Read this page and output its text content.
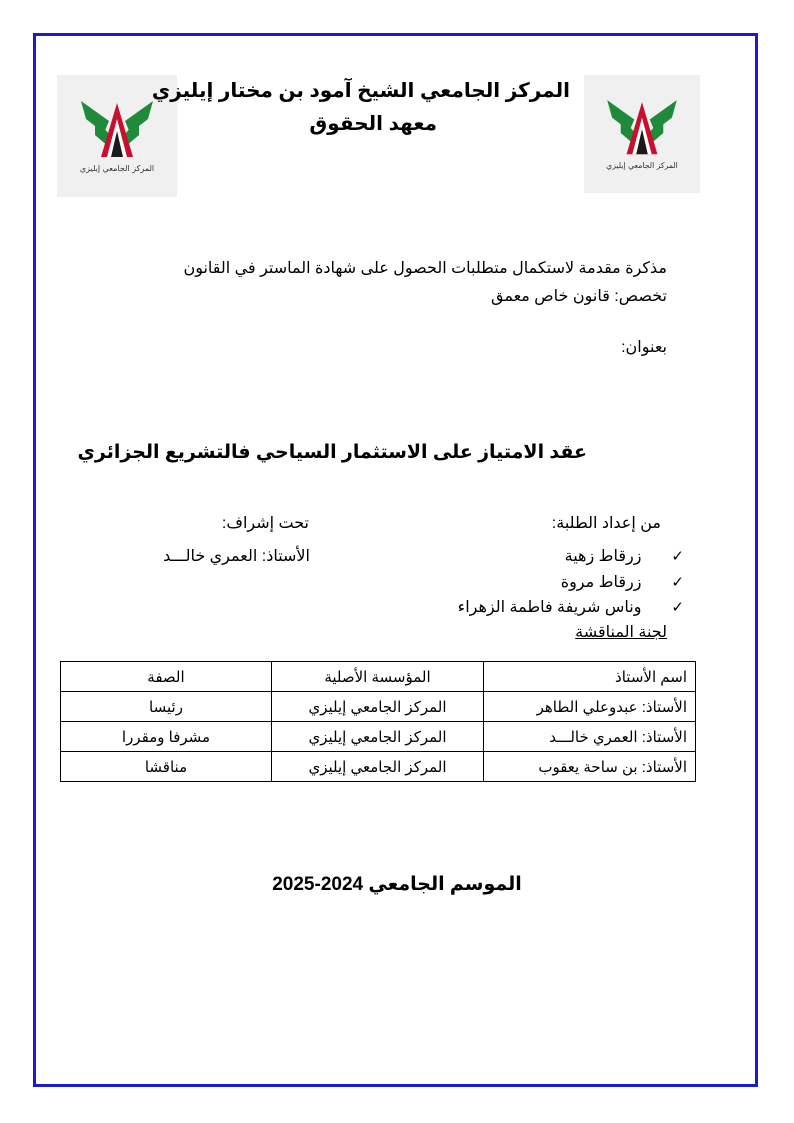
المركز الجامعي إيليزي	المركز الجامعي إيليزي
المركز الجامعي الشيخ آمود بن مختار إيليزي
معهد الحقوق
مذكرة مقدمة لاستكمال متطلبات الحصول على شهادة الماستر في القانون
تخصص: قانون خاص معمق
بعنوان:
عقد الامتياز على الاستثمار السياحي فالتشريع الجزائري
من إعداد الطلبة:
تحت إشراف:
الأستاذ: العمري خالـــد	✓
زرقاط زهية
✓
زرقاط مروة
✓
وناس شريفة فاطمة الزهراء
لجنة المناقشة
اسم الأستاذ	المؤسسة الأصلية	الصفة
الأستاذ: عبدوعلي الطاهر	المركز الجامعي إيليزي	رئيسا
الأستاذ: العمري خالـــد	المركز الجامعي إيليزي	مشرفا ومقررا
الأستاذ: بن ساحة يعقوب	المركز الجامعي إيليزي	مناقشا
الموسم الجامعي 2024-2025
